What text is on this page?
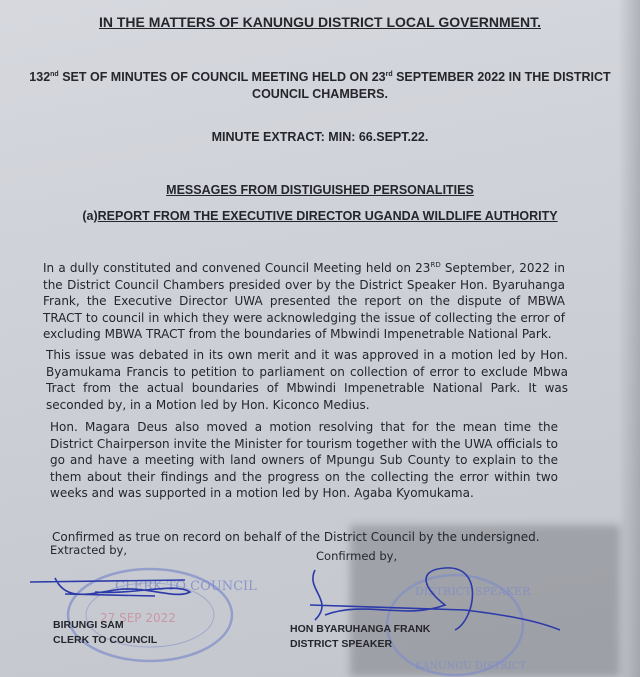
IN THE MATTERS OF KANUNGU DISTRICT LOCAL GOVERNMENT.
132nd SET OF MINUTES OF COUNCIL MEETING HELD ON 23rd SEPTEMBER 2022 IN THE DISTRICT COUNCIL CHAMBERS.
MINUTE EXTRACT: MIN: 66.SEPT.22.
MESSAGES FROM DISTIGUISHED PERSONALITIES
(a)REPORT FROM THE EXECUTIVE DIRECTOR UGANDA WILDLIFE AUTHORITY
In a dully constituted and convened Council Meeting held on 23RD September, 2022 in the District Council Chambers presided over by the District Speaker Hon. Byaruhanga Frank, the Executive Director UWA presented the report on the dispute of MBWA TRACT to council in which they were acknowledging the issue of collecting the error of excluding MBWA TRACT from the boundaries of Mbwindi Impenetrable National Park.
This issue was debated in its own merit and it was approved in a motion led by Hon. Byamukama Francis to petition to parliament on collection of error to exclude Mbwa Tract from the actual boundaries of Mbwindi Impenetrable National Park. It was seconded by, in a Motion led by Hon. Kiconco Medius.
Hon. Magara Deus also moved a motion resolving that for the mean time the District Chairperson invite the Minister for tourism together with the UWA officials to go and have a meeting with land owners of Mpungu Sub County to explain to the them about their findings and the progress on the collecting the error within two weeks and was supported in a motion led by Hon. Agaba Kyomukama.
Confirmed as true on record on behalf of the District Council by the undersigned.
Extracted by,	Confirmed by,
CLERK TO COUNCIL
27 SEP 2022
DISTRICT SPEAKER
KANUNGU DISTRICT
BIRUNGI SAM
CLERK TO COUNCIL
HON BYARUHANGA FRANK
DISTRICT SPEAKER
